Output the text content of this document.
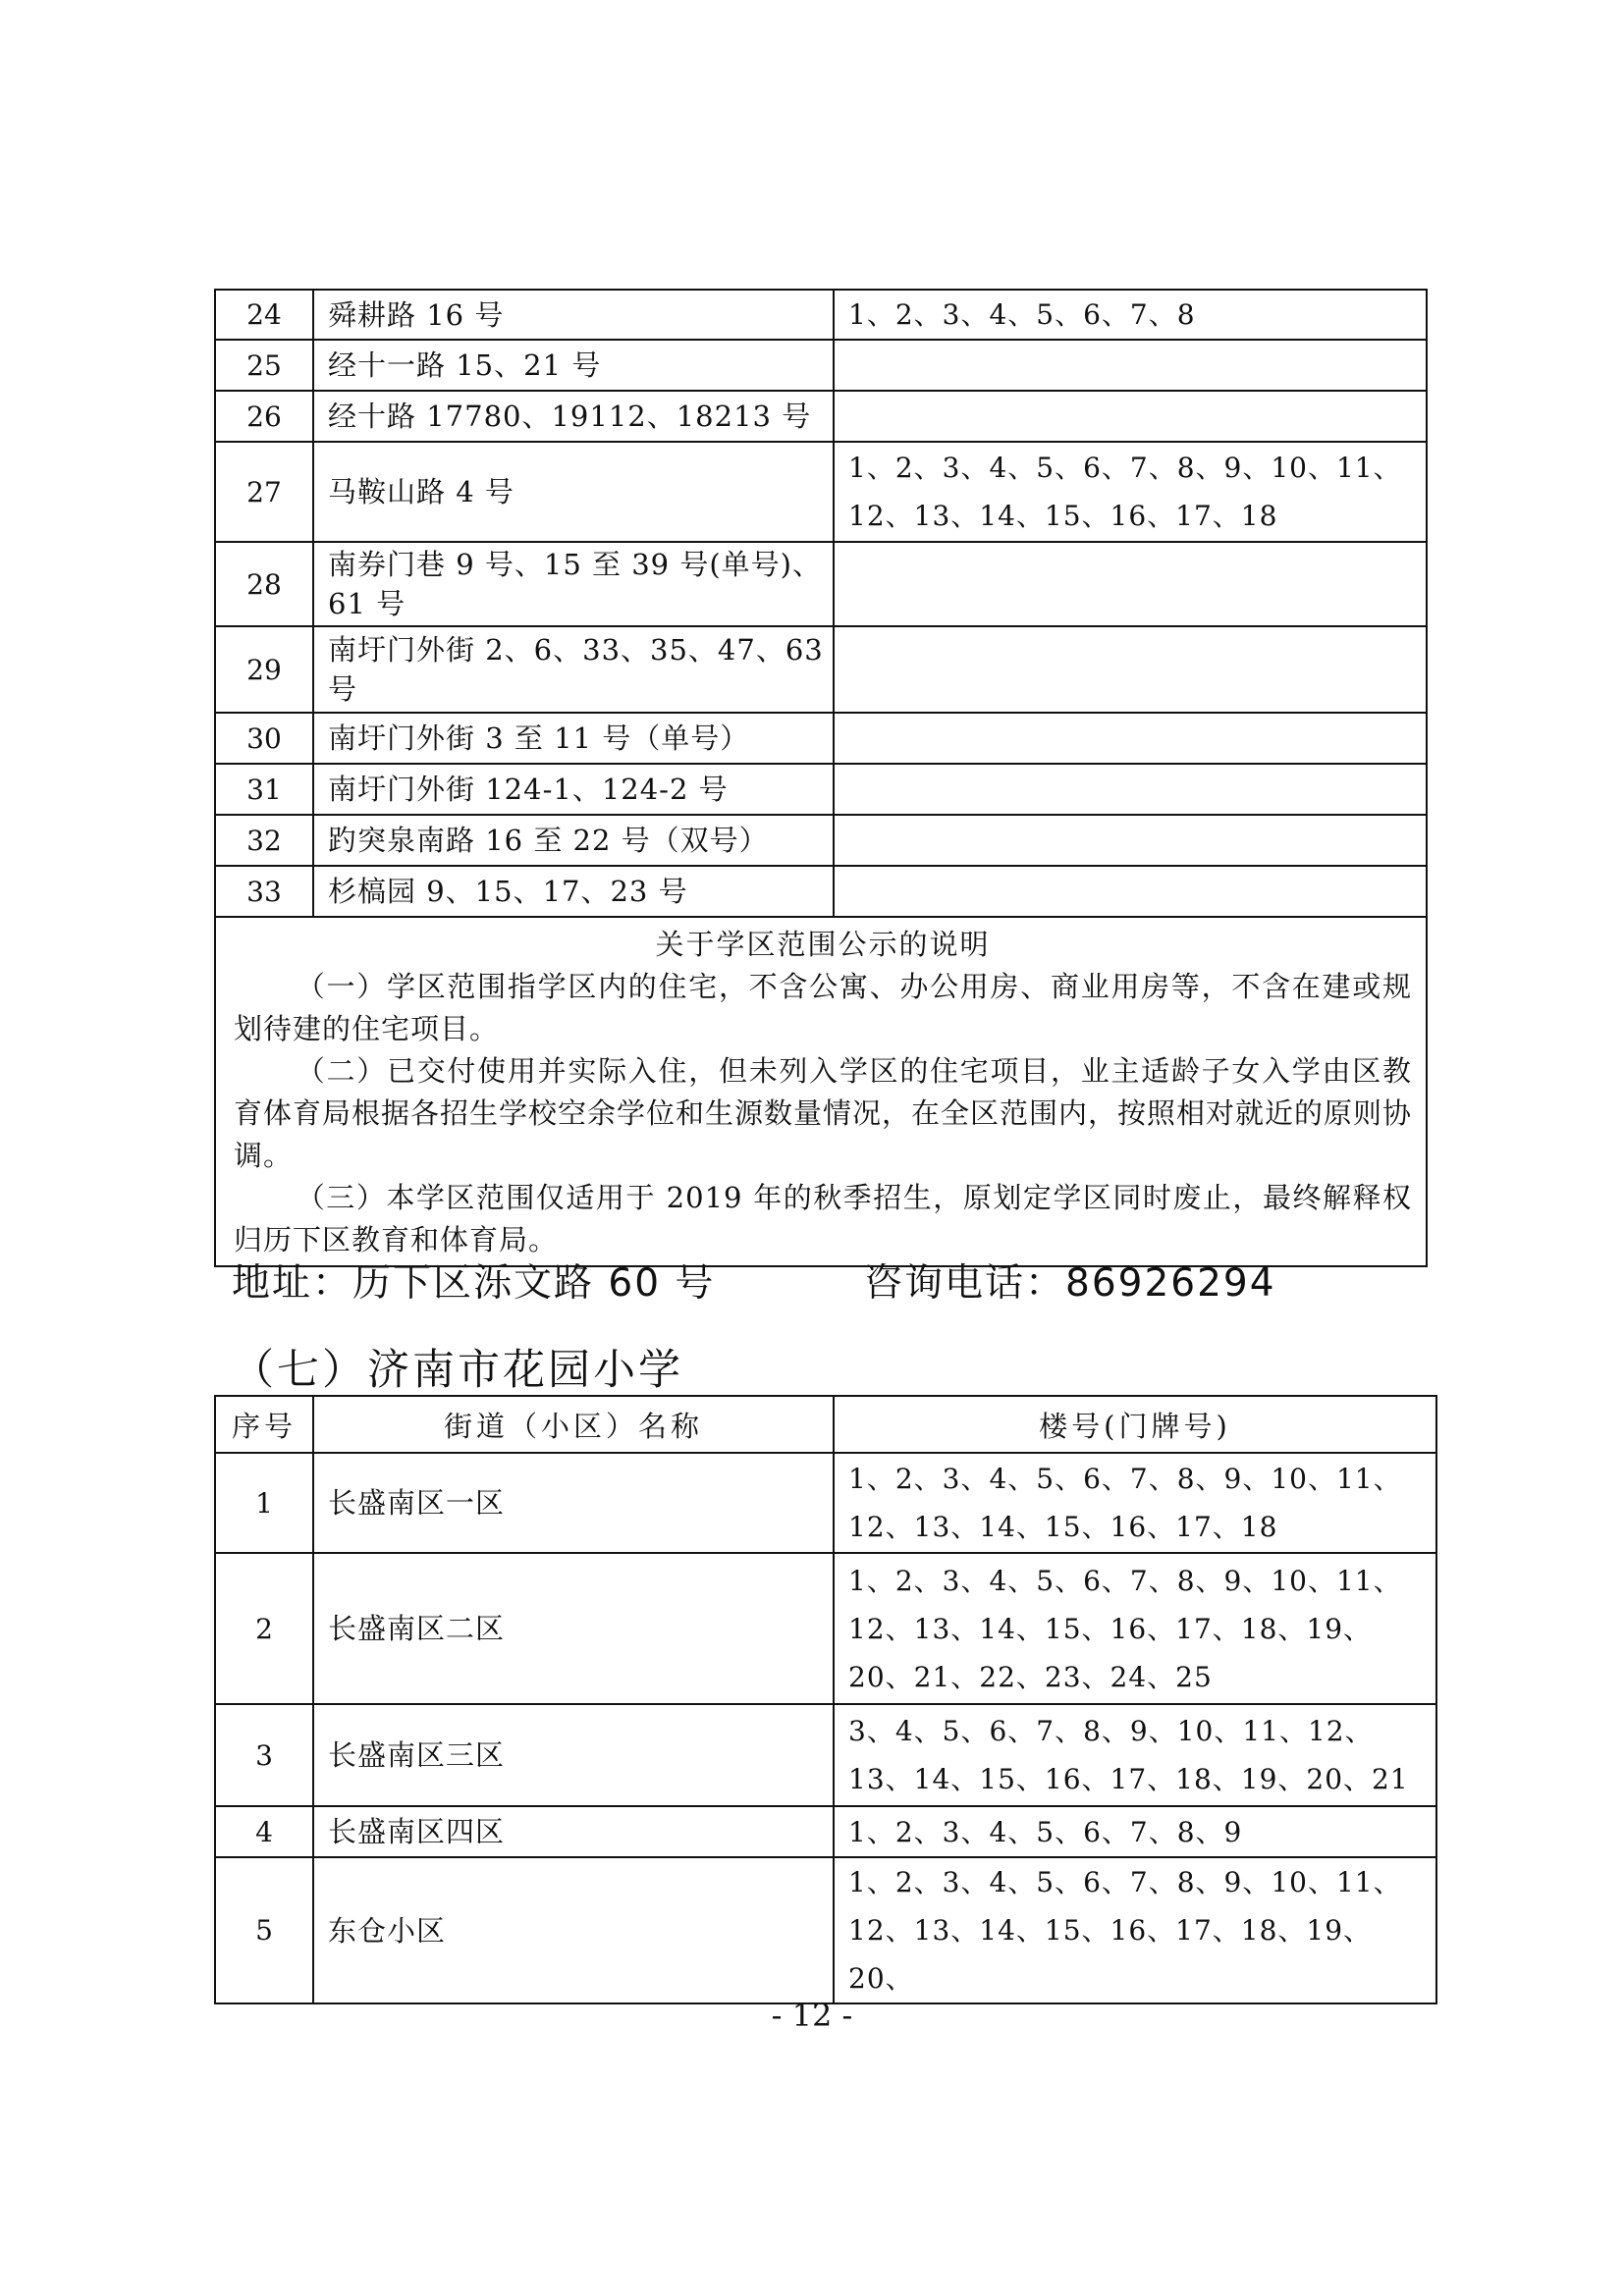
24	舜耕路 16 号	1、2、3、4、5、6、7、8
25	经十一路 15、21 号	
26	经十路 17780、19112、18213 号	
27	马鞍山路 4 号	1、2、3、4、5、6、7、8、9、10、11、12、13、14、15、16、17、18
28	南券门巷 9 号、15 至 39 号(单号)、61 号	
29	南圩门外街 2、6、33、35、47、63 号	
30	南圩门外街 3 至 11 号（单号）	
31	南圩门外街 124-1、124-2 号	
32	趵突泉南路 16 至 22 号（双号）	
33	杉槁园 9、15、17、23 号	

关于学区范围公示的说明

（一）学区范围指学区内的住宅，不含公寓、办公用房、商业用房等，不含在建或规划待建的住宅项目。

（二）已交付使用并实际入住，但未列入学区的住宅项目，业主适龄子女入学由区教育体育局根据各招生学校空余学位和生源数量情况，在全区范围内，按照相对就近的原则协调。

（三）本学区范围仅适用于 2019 年的秋季招生，原划定学区同时废止，最终解释权归历下区教育和体育局。		

地址：历下区泺文路 60 号	咨询电话：86926294
（七）济南市花园小学
序号	街道（小区）名称	楼号(门牌号)
1	长盛南区一区	1、2、3、4、5、6、7、8、9、10、11、12、13、14、15、16、17、18
2	长盛南区二区	1、2、3、4、5、6、7、8、9、10、11、12、13、14、15、16、17、18、19、20、21、22、23、24、25
3	长盛南区三区	3、4、5、6、7、8、9、10、11、12、13、14、15、16、17、18、19、20、21
4	长盛南区四区	1、2、3、4、5、6、7、8、9
5	东仓小区	1、2、3、4、5、6、7、8、9、10、11、12、13、14、15、16、17、18、19、20、
- 12 -
